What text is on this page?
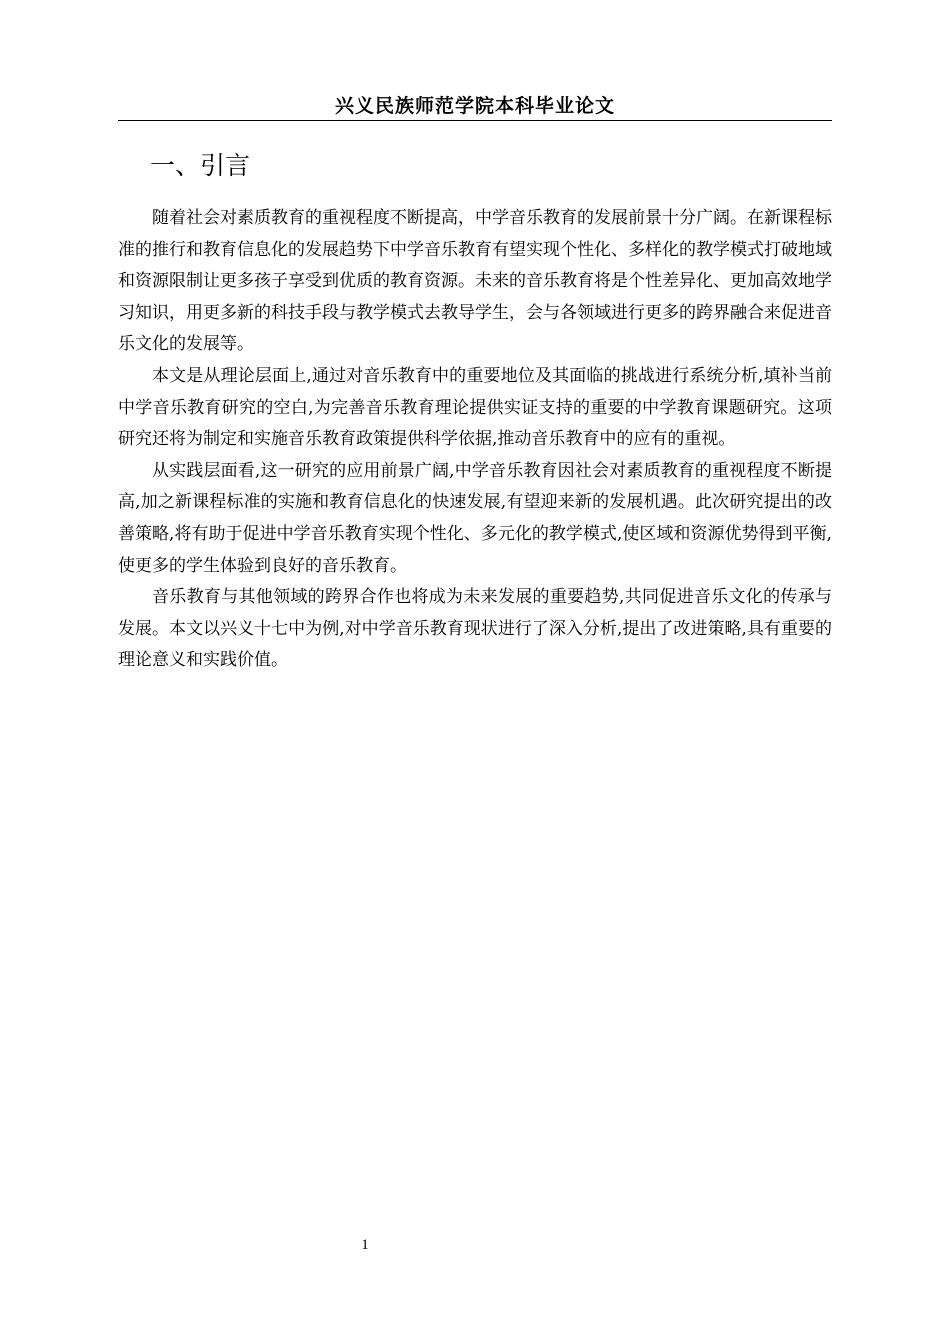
兴义民族师范学院本科毕业论文
一、引言

随着社会对素质教育的重视程度不断提高，中学音乐教育的发展前景十分广阔。在新课程标准的推行和教育信息化的发展趋势下中学音乐教育有望实现个性化、多样化的教学模式打破地域和资源限制让更多孩子享受到优质的教育资源。未来的音乐教育将是个性差异化、更加高效地学习知识，用更多新的科技手段与教学模式去教导学生，会与各领域进行更多的跨界融合来促进音乐文化的发展等。

本文是从理论层面上,通过对音乐教育中的重要地位及其面临的挑战进行系统分析,填补当前中学音乐教育研究的空白,为完善音乐教育理论提供实证支持的重要的中学教育课题研究。这项研究还将为制定和实施音乐教育政策提供科学依据,推动音乐教育中的应有的重视。

从实践层面看,这一研究的应用前景广阔,中学音乐教育因社会对素质教育的重视程度不断提高,加之新课程标准的实施和教育信息化的快速发展,有望迎来新的发展机遇。此次研究提出的改善策略,将有助于促进中学音乐教育实现个性化、多元化的教学模式,使区域和资源优势得到平衡,使更多的学生体验到良好的音乐教育。

音乐教育与其他领域的跨界合作也将成为未来发展的重要趋势,共同促进音乐文化的传承与发展。本文以兴义十七中为例,对中学音乐教育现状进行了深入分析,提出了改进策略,具有重要的理论意义和实践价值。

1
